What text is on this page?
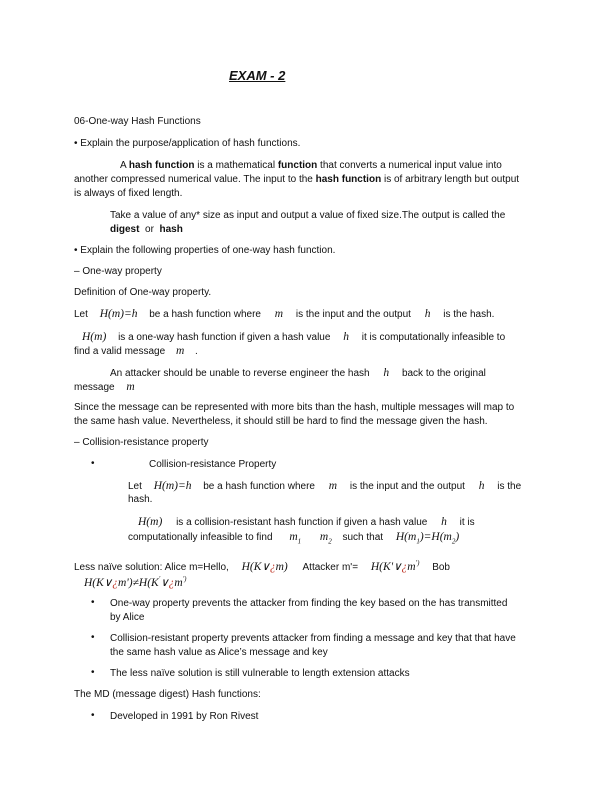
EXAM - 2
06-One-way Hash Functions
• Explain the purpose/application of hash functions.
A hash function is a mathematical function that converts a numerical input value into
another compressed numerical value. The input to the hash function is of arbitrary length but output
is always of fixed length.
Take a value of any* size as input and output a value of fixed size.The output is called the
digest  or  hash
• Explain the following properties of one-way hash function.
– One-way property
Definition of One-way property.
Let H(m)=h be a hash function where m is the input and the output h is the hash.
H(m) is a one-way hash function if given a hash value h it is computationally infeasible to
find a valid message m .
An attacker should be unable to reverse engineer the hash h back to the original
message m
Since the message can be represented with more bits than the hash, multiple messages will map to
the same hash value. Nevertheless, it should still be hard to find the message given the hash.
– Collision-resistance property
•	Collision-resistance Property
Let H(m)=h be a hash function where m is the input and the output h is the
hash.
H(m) is a collision-resistant hash function if given a hash value h it is
computationally infeasible to find $m_1$ $m_2$ such that $H(m_1)=H(m_2)$
Less naïve solution: Alice m=Hello, H(K∨¿m) Attacker m'= H(K'∨¿m') Bob
H(K∨¿m')≠H(K'∨¿m')
• One-way property prevents the attacker from finding the key based on the has transmitted
by Alice
• Collision-resistant property prevents attacker from finding a message and key that that have
the same hash value as Alice’s message and key
• The less naïve solution is still vulnerable to length extension attacks
The MD (message digest) Hash functions:
• Developed in 1991 by Ron Rivest
